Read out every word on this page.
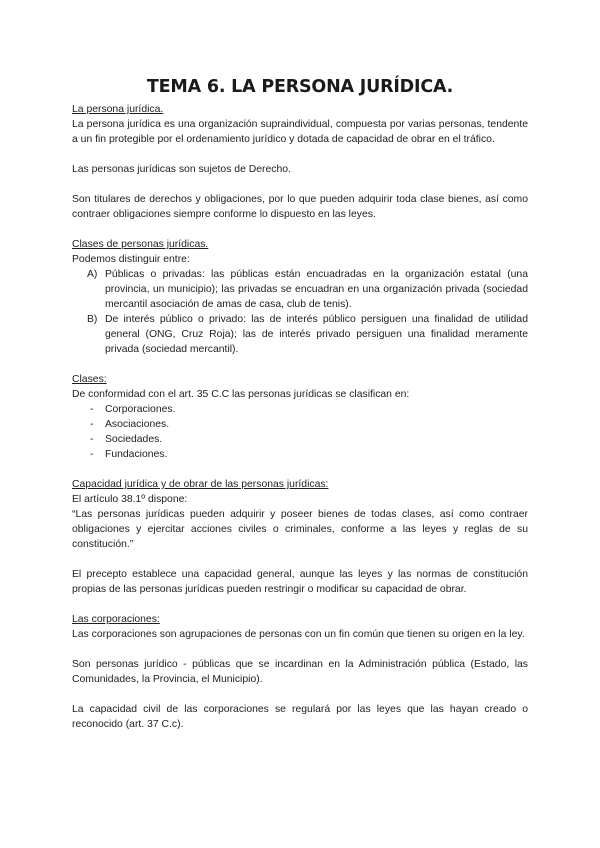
TEMA 6. LA PERSONA JURÍDICA.

La persona jurídica.

La persona jurídica es una organización supraindividual, compuesta por varias personas, tendente a un fin protegible por el ordenamiento jurídico y dotada de capacidad de obrar en el tráfico.

Las personas jurídicas son sujetos de Derecho.

Son titulares de derechos y obligaciones, por lo que pueden adquirir toda clase bienes, así como contraer obligaciones siempre conforme lo dispuesto en las leyes.

Clases de personas jurídicas.

Podemos distinguir entre:

A) Públicas o privadas: las públicas están encuadradas en la organización estatal (una provincia, un municipio); las privadas se encuadran en una organización privada (sociedad mercantil asociación de amas de casa, club de tenis).
B) De interés público o privado: las de interés público persiguen una finalidad de utilidad general (ONG, Cruz Roja); las de interés privado persiguen una finalidad meramente privada (sociedad mercantil).

Clases:

De conformidad con el art. 35 C.C las personas jurídicas se clasifican en:

- Corporaciones.
- Asociaciones.
- Sociedades.
- Fundaciones.

Capacidad jurídica y de obrar de las personas jurídicas:

El artículo 38.1º dispone:

“Las personas jurídicas pueden adquirir y poseer bienes de todas clases, así como contraer obligaciones y ejercitar acciones civiles o criminales, conforme a las leyes y reglas de su constitución.”

El precepto establece una capacidad general, aunque las leyes y las normas de constitución propias de las personas jurídicas pueden restringir o modificar su capacidad de obrar.

Las corporaciones:

Las corporaciones son agrupaciones de personas con un fin común que tienen su origen en la ley.

Son personas jurídico - públicas que se incardinan en la Administración pública (Estado, las Comunidades, la Provincia, el Municipio).

La capacidad civil de las corporaciones se regulará por las leyes que las hayan creado o reconocido (art. 37 C.c).
